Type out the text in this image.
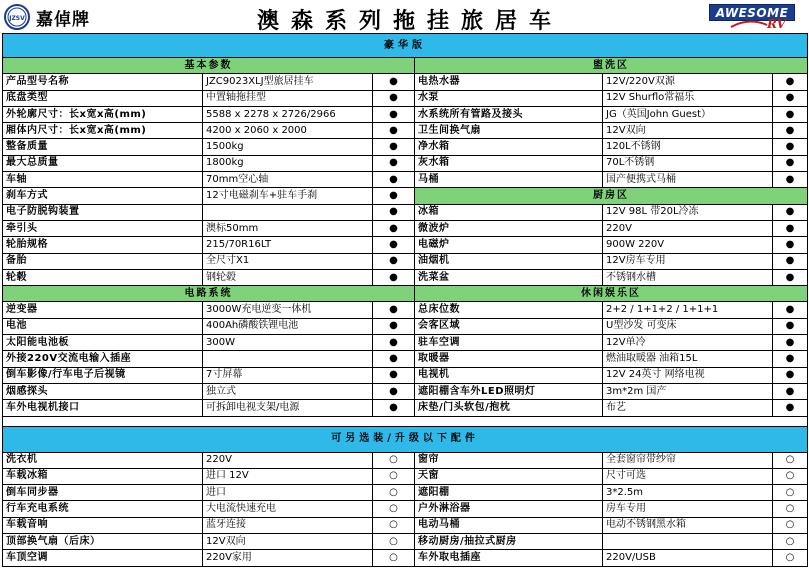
JZSV 嘉倬牌	澳森系列拖挂旅居车	AWESOME
RV
豪华版					
基本参数			盥洗区		
产品型号名称	JZC9023XLJ型旅居挂车	●	电热水器	12V/220V双源	●
底盘类型	中置轴拖挂型	●	水泵	12V Shurflo常福乐	●
外轮廓尺寸：长x宽x高(mm)	5588 x 2278 x 2726/2966	●	水系统所有管路及接头	JG（英国John Guest）	●
厢体内尺寸：长x宽x高(mm)	4200 x 2060 x 2000	●	卫生间换气扇	12V双向	●
整备质量	1500kg	●	净水箱	120L不锈钢	●
最大总质量	1800kg	●	灰水箱	70L不锈钢	●
车轴	70mm空心轴	●	马桶	国产便携式马桶	●
刹车方式	12寸电磁刹车+驻车手刹	●	厨房区		
电子防脱钩装置		●	冰箱	12V 98L 带20L冷冻	●
牵引头	澳标50mm	●	微波炉	220V	●
轮胎规格	215/70R16LT	●	电磁炉	900W 220V	●
备胎	全尺寸X1	●	油烟机	12V房车专用	●
轮毂	钢轮毂	●	洗菜盆	不锈钢水槽	●
电路系统			休闲娱乐区		
逆变器	3000W充电逆变一体机	●	总床位数	2+2 / 1+1+2 / 1+1+1	●
电池	400Ah磷酸铁锂电池	●	会客区域	U型沙发 可变床	●
太阳能电池板	300W	●	驻车空调	12V单冷	●
外接220V交流电输入插座		●	取暖器	燃油取暖器 油箱15L	●
倒车影像/行车电子后视镜	7寸屏幕	●	电视机	12V 24英寸 网络电视	●
烟感探头	独立式	●	遮阳棚含车外LED照明灯	3m*2m 国产	●
车外电视机接口	可拆卸电视支架/电源	●	床垫/门头软包/抱枕	布艺	●

可另选装/升级以下配件					
洗衣机	220V	○	窗帘	全套窗帘带纱帘	○
车载冰箱	进口 12V	○	天窗	尺寸可选	○
倒车同步器	进口	○	遮阳棚	3*2.5m	○
行车充电系统	大电流快速充电	○	户外淋浴器	房车专用	○
车载音响	蓝牙连接	○	电动马桶	电动不锈钢黑水箱	○
顶部换气扇（后床）	12V双向	○	移动厨房/抽拉式厨房		○
车顶空调	220V家用	○	车外取电插座	220V/USB	○
